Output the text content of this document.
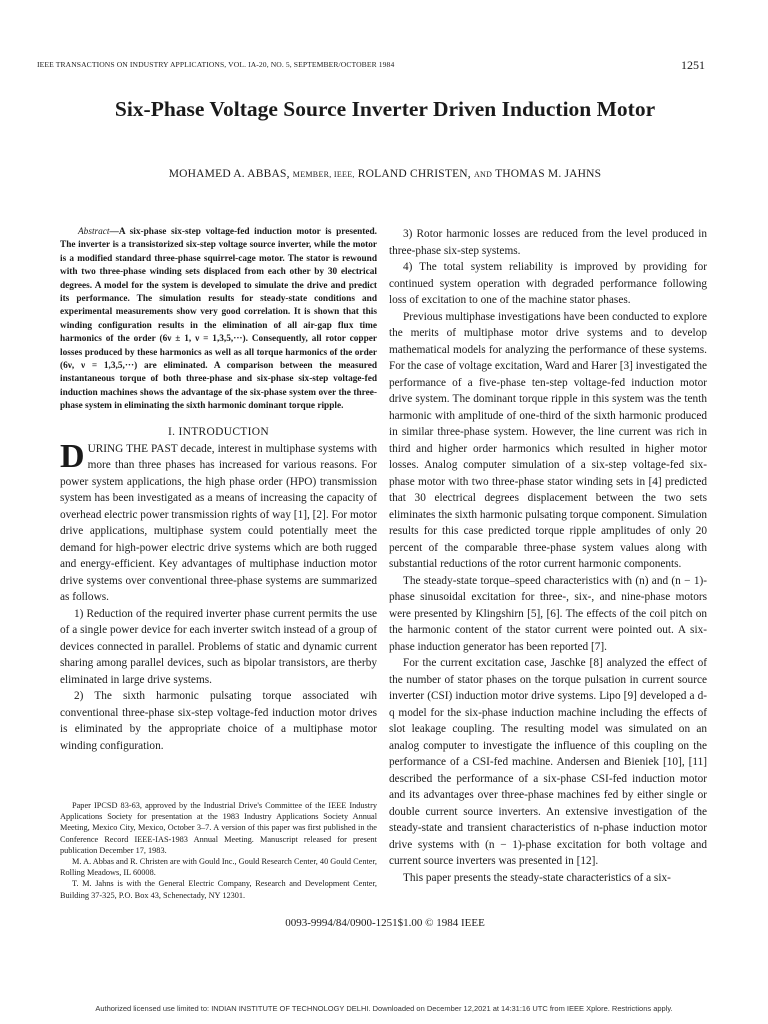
IEEE TRANSACTIONS ON INDUSTRY APPLICATIONS, VOL. IA-20, NO. 5, SEPTEMBER/OCTOBER 1984	1251
Six-Phase Voltage Source Inverter Driven Induction Motor
MOHAMED A. ABBAS, MEMBER, IEEE, ROLAND CHRISTEN, AND THOMAS M. JAHNS

Abstract—A six-phase six-step voltage-fed induction motor is presented. The inverter is a transistorized six-step voltage source inverter, while the motor is a modified standard three-phase squirrel-cage motor. The stator is rewound with two three-phase winding sets displaced from each other by 30 electrical degrees. A model for the system is developed to simulate the drive and predict its performance. The simulation results for steady-state conditions and experimental measurements show very good correlation. It is shown that this winding configuration results in the elimination of all air-gap flux time harmonics of the order (6ν ± 1, ν = 1,3,5,···). Consequently, all rotor copper losses produced by these harmonics as well as all torque harmonics of the order (6ν, ν = 1,3,5,···) are eliminated. A comparison between the measured instantaneous torque of both three-phase and six-phase six-step voltage-fed induction machines shows the advantage of the six-phase system over the three-phase system in eliminating the sixth harmonic dominant torque ripple.

I. INTRODUCTION

DURING THE PAST decade, interest in multiphase systems with more than three phases has increased for various reasons. For power system applications, the high phase order (HPO) transmission system has been investigated as a means of increasing the capacity of overhead electric power transmission rights of way [1], [2]. For motor drive applications, multiphase system could potentially meet the demand for high-power electric drive systems which are both rugged and energy-efficient. Key advantages of multiphase induction motor drive systems over conventional three-phase systems are summarized as follows.

1) Reduction of the required inverter phase current permits the use of a single power device for each inverter switch instead of a group of devices connected in parallel. Problems of static and dynamic current sharing among parallel devices, such as bipolar transistors, are therby eliminated in large drive systems.

2) The sixth harmonic pulsating torque associated wih conventional three-phase six-step voltage-fed induction motor drives is eliminated by the appropriate choice of a multiphase motor winding configuration.

Paper IPCSD 83-63, approved by the Industrial Drive's Committee of the IEEE Industry Applications Society for presentation at the 1983 Industry Applications Society Annual Meeting, Mexico City, Mexico, October 3–7. A version of this paper was first published in the Conference Record IEEE-IAS-1983 Annual Meeting. Manuscript released for present publication December 17, 1983.

M. A. Abbas and R. Christen are with Gould Inc., Gould Research Center, 40 Gould Center, Rolling Meadows, IL 60008.

T. M. Jahns is with the General Electric Company, Research and Development Center, Building 37-325, P.O. Box 43, Schenectady, NY 12301.

3) Rotor harmonic losses are reduced from the level produced in three-phase six-step systems.

4) The total system reliability is improved by providing for continued system operation with degraded performance following loss of excitation to one of the machine stator phases.

Previous multiphase investigations have been conducted to explore the merits of multiphase motor drive systems and to develop mathematical models for analyzing the performance of these systems. For the case of voltage excitation, Ward and Harer [3] investigated the performance of a five-phase ten-step voltage-fed induction motor drive system. The dominant torque ripple in this system was the tenth harmonic with amplitude of one-third of the sixth harmonic produced in similar three-phase system. However, the line current was rich in third and higher order harmonics which resulted in higher motor losses. Analog computer simulation of a six-step voltage-fed six-phase motor with two three-phase stator winding sets in [4] predicted that 30 electrical degrees displacement between the two sets eliminates the sixth harmonic pulsating torque component. Simulation results for this case predicted torque ripple amplitudes of only 20 percent of the comparable three-phase system values along with substantial reductions of the rotor current harmonic components.

The steady-state torque–speed characteristics with (n) and (n − 1)-phase sinusoidal excitation for three-, six-, and nine-phase motors were presented by Klingshirn [5], [6]. The effects of the coil pitch on the harmonic content of the stator current were pointed out. A six-phase induction generator has been reported [7].

For the current excitation case, Jaschke [8] analyzed the effect of the number of stator phases on the torque pulsation in current source inverter (CSI) induction motor drive systems. Lipo [9] developed a d-q model for the six-phase induction machine including the effects of slot leakage coupling. The resulting model was simulated on an analog computer to investigate the influence of this coupling on the performance of a CSI-fed machine. Andersen and Bieniek [10], [11] described the performance of a six-phase CSI-fed induction motor and its advantages over three-phase machines fed by either single or double current source inverters. An extensive investigation of the steady-state and transient characteristics of n-phase induction motor drive systems with (n − 1)-phase excitation for both voltage and current source inverters was presented in [12].

This paper presents the steady-state characteristics of a six-

0093-9994/84/0900-1251$1.00 © 1984 IEEE
Authorized licensed use limited to: INDIAN INSTITUTE OF TECHNOLOGY DELHI. Downloaded on December 12,2021 at 14:31:16 UTC from IEEE Xplore. Restrictions apply.
